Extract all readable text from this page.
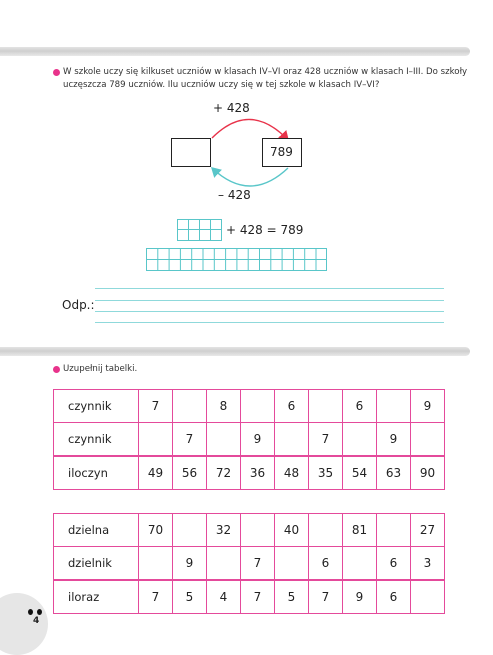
W szkole uczy się kilkuset uczniów w klasach IV–VI oraz 428 uczniów w klasach I–III. Do szkoły
uczęszcza 789 uczniów. Ilu uczniów uczy się w tej szkole w klasach IV–VI?
+ 428
789
– 428
+ 428 = 789
Odp.:
Uzupełnij tabelki.
czynnik	7		8		6		6		9
czynnik		7		9		7		9	
iloczyn	49	56	72	36	48	35	54	63	90
dzielna	70		32		40		81		27
dzielnik		9		7		6		6	3
iloraz	7	5	4	7	5	7	9	6	
4
